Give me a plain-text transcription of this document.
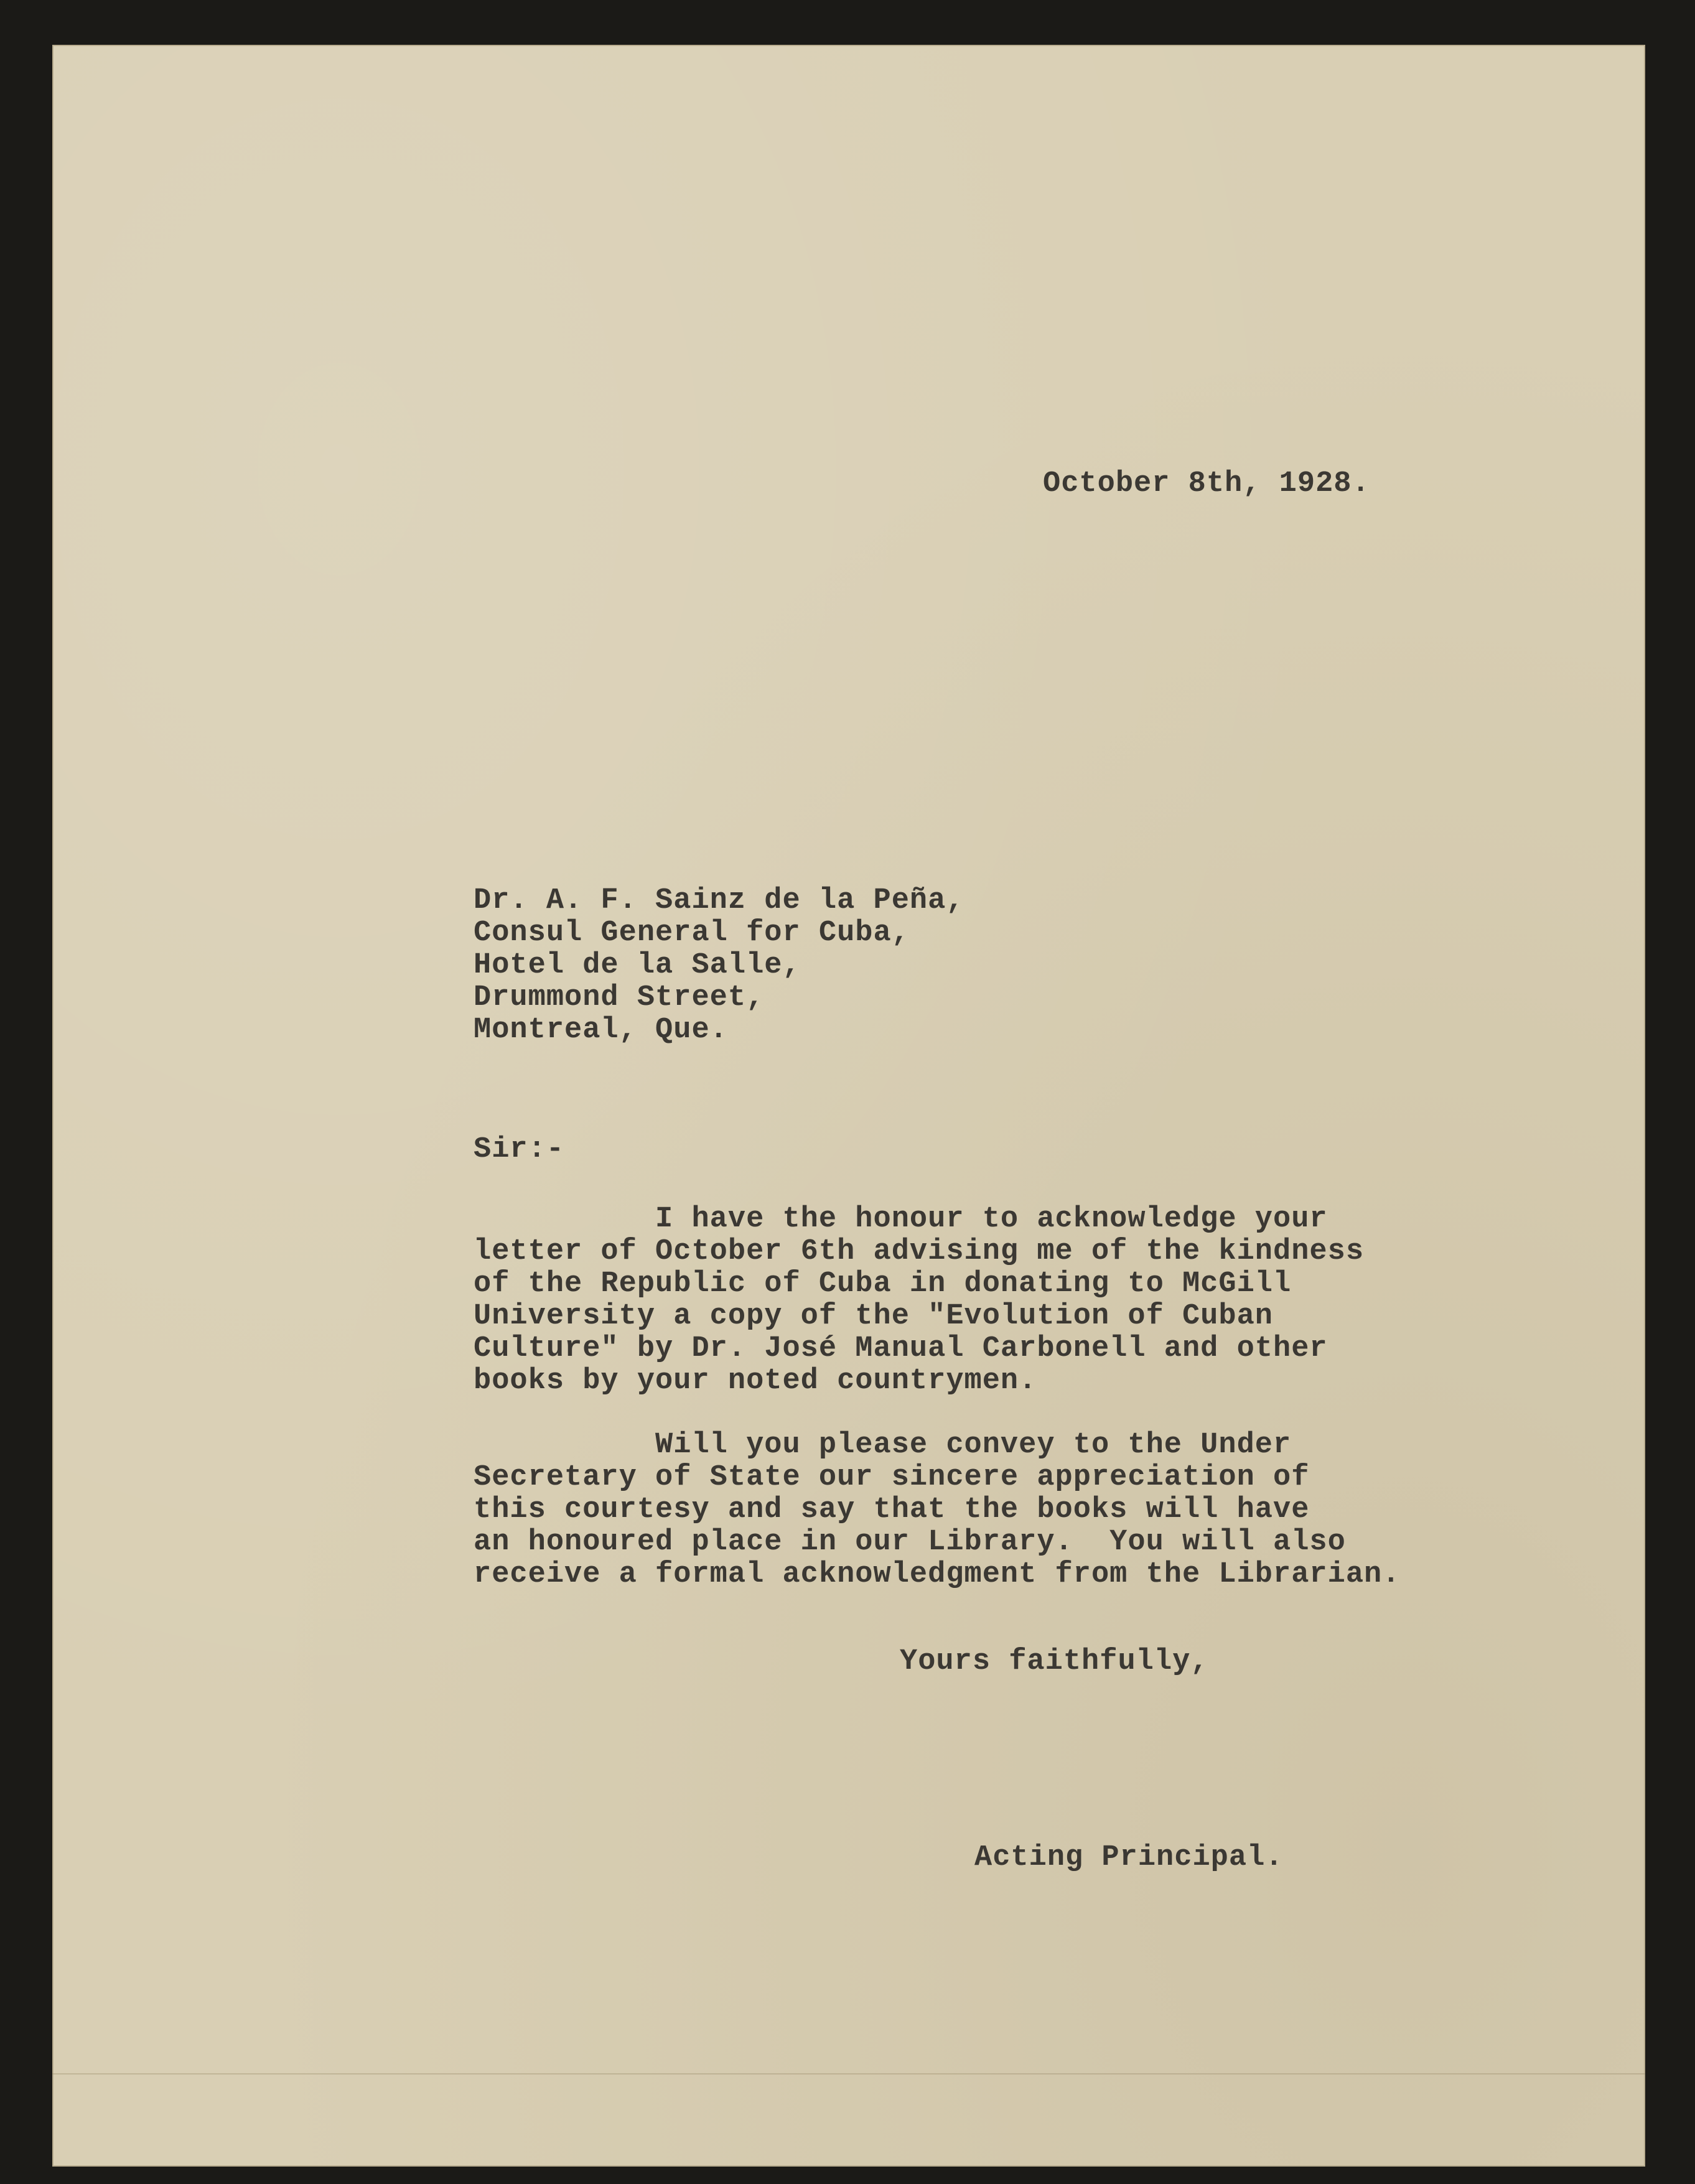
October 8th, 1928.

Dr. A. F. Sainz de la Peña,
Consul General for Cuba,
Hotel de la Salle,
Drummond Street,
Montreal, Que.

Sir:-

I have the honour to acknowledge your
letter of October 6th advising me of the kindness
of the Republic of Cuba in donating to McGill
University a copy of the "Evolution of Cuban
Culture" by Dr. José Manual Carbonell and other
books by your noted countrymen.
Will you please convey to the Under
Secretary of State our sincere appreciation of
this courtesy and say that the books will have
an honoured place in our Library.  You will also
receive a formal acknowledgment from the Librarian.

Yours faithfully,

Acting Principal.
